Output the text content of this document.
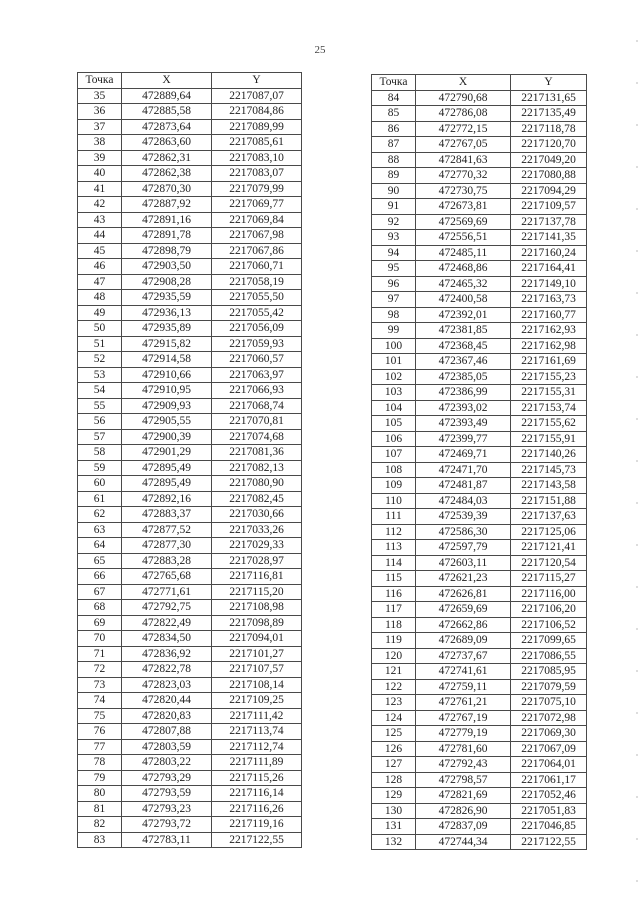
25
Точка	X	Y
35	472889,64	2217087,07
36	472885,58	2217084,86
37	472873,64	2217089,99
38	472863,60	2217085,61
39	472862,31	2217083,10
40	472862,38	2217083,07
41	472870,30	2217079,99
42	472887,92	2217069,77
43	472891,16	2217069,84
44	472891,78	2217067,98
45	472898,79	2217067,86
46	472903,50	2217060,71
47	472908,28	2217058,19
48	472935,59	2217055,50
49	472936,13	2217055,42
50	472935,89	2217056,09
51	472915,82	2217059,93
52	472914,58	2217060,57
53	472910,66	2217063,97
54	472910,95	2217066,93
55	472909,93	2217068,74
56	472905,55	2217070,81
57	472900,39	2217074,68
58	472901,29	2217081,36
59	472895,49	2217082,13
60	472895,49	2217080,90
61	472892,16	2217082,45
62	472883,37	2217030,66
63	472877,52	2217033,26
64	472877,30	2217029,33
65	472883,28	2217028,97
66	472765,68	2217116,81
67	472771,61	2217115,20
68	472792,75	2217108,98
69	472822,49	2217098,89
70	472834,50	2217094,01
71	472836,92	2217101,27
72	472822,78	2217107,57
73	472823,03	2217108,14
74	472820,44	2217109,25
75	472820,83	2217111,42
76	472807,88	2217113,74
77	472803,59	2217112,74
78	472803,22	2217111,89
79	472793,29	2217115,26
80	472793,59	2217116,14
81	472793,23	2217116,26
82	472793,72	2217119,16
83	472783,11	2217122,55
Точка	X	Y
84	472790,68	2217131,65
85	472786,08	2217135,49
86	472772,15	2217118,78
87	472767,05	2217120,70
88	472841,63	2217049,20
89	472770,32	2217080,88
90	472730,75	2217094,29
91	472673,81	2217109,57
92	472569,69	2217137,78
93	472556,51	2217141,35
94	472485,11	2217160,24
95	472468,86	2217164,41
96	472465,32	2217149,10
97	472400,58	2217163,73
98	472392,01	2217160,77
99	472381,85	2217162,93
100	472368,45	2217162,98
101	472367,46	2217161,69
102	472385,05	2217155,23
103	472386,99	2217155,31
104	472393,02	2217153,74
105	472393,49	2217155,62
106	472399,77	2217155,91
107	472469,71	2217140,26
108	472471,70	2217145,73
109	472481,87	2217143,58
110	472484,03	2217151,88
111	472539,39	2217137,63
112	472586,30	2217125,06
113	472597,79	2217121,41
114	472603,11	2217120,54
115	472621,23	2217115,27
116	472626,81	2217116,00
117	472659,69	2217106,20
118	472662,86	2217106,52
119	472689,09	2217099,65
120	472737,67	2217086,55
121	472741,61	2217085,95
122	472759,11	2217079,59
123	472761,21	2217075,10
124	472767,19	2217072,98
125	472779,19	2217069,30
126	472781,60	2217067,09
127	472792,43	2217064,01
128	472798,57	2217061,17
129	472821,69	2217052,46
130	472826,90	2217051,83
131	472837,09	2217046,85
132	472744,34	2217122,55
